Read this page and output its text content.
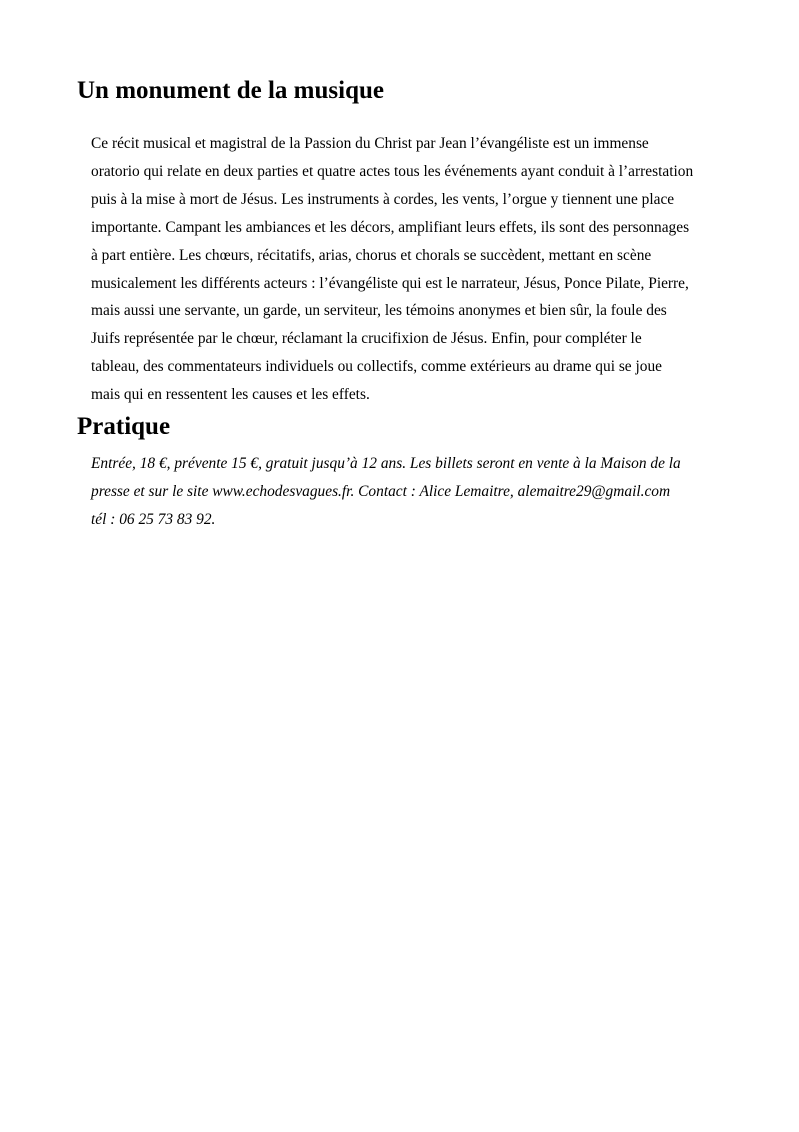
Un monument de la musique
Ce récit musical et magistral de la Passion du Christ par Jean l’évangéliste est un immense
oratorio qui relate en deux parties et quatre actes tous les événements ayant conduit à l’arrestation
puis à la mise à mort de Jésus. Les instruments à cordes, les vents, l’orgue y tiennent une place
importante. Campant les ambiances et les décors, amplifiant leurs effets, ils sont des personnages
à part entière. Les chœurs, récitatifs, arias, chorus et chorals se succèdent, mettant en scène
musicalement les différents acteurs : l’évangéliste qui est le narrateur, Jésus, Ponce Pilate, Pierre,
mais aussi une servante, un garde, un serviteur, les témoins anonymes et bien sûr, la foule des
Juifs représentée par le chœur, réclamant la crucifixion de Jésus. Enfin, pour compléter le
tableau, des commentateurs individuels ou collectifs, comme extérieurs au drame qui se joue
mais qui en ressentent les causes et les effets.
Pratique
Entrée, 18 €, prévente 15 €, gratuit jusqu’à 12 ans. Les billets seront en vente à la Maison de la
presse et sur le site www.echodesvagues.fr. Contact : Alice Lemaitre, alemaitre29@gmail.com
tél : 06 25 73 83 92.
